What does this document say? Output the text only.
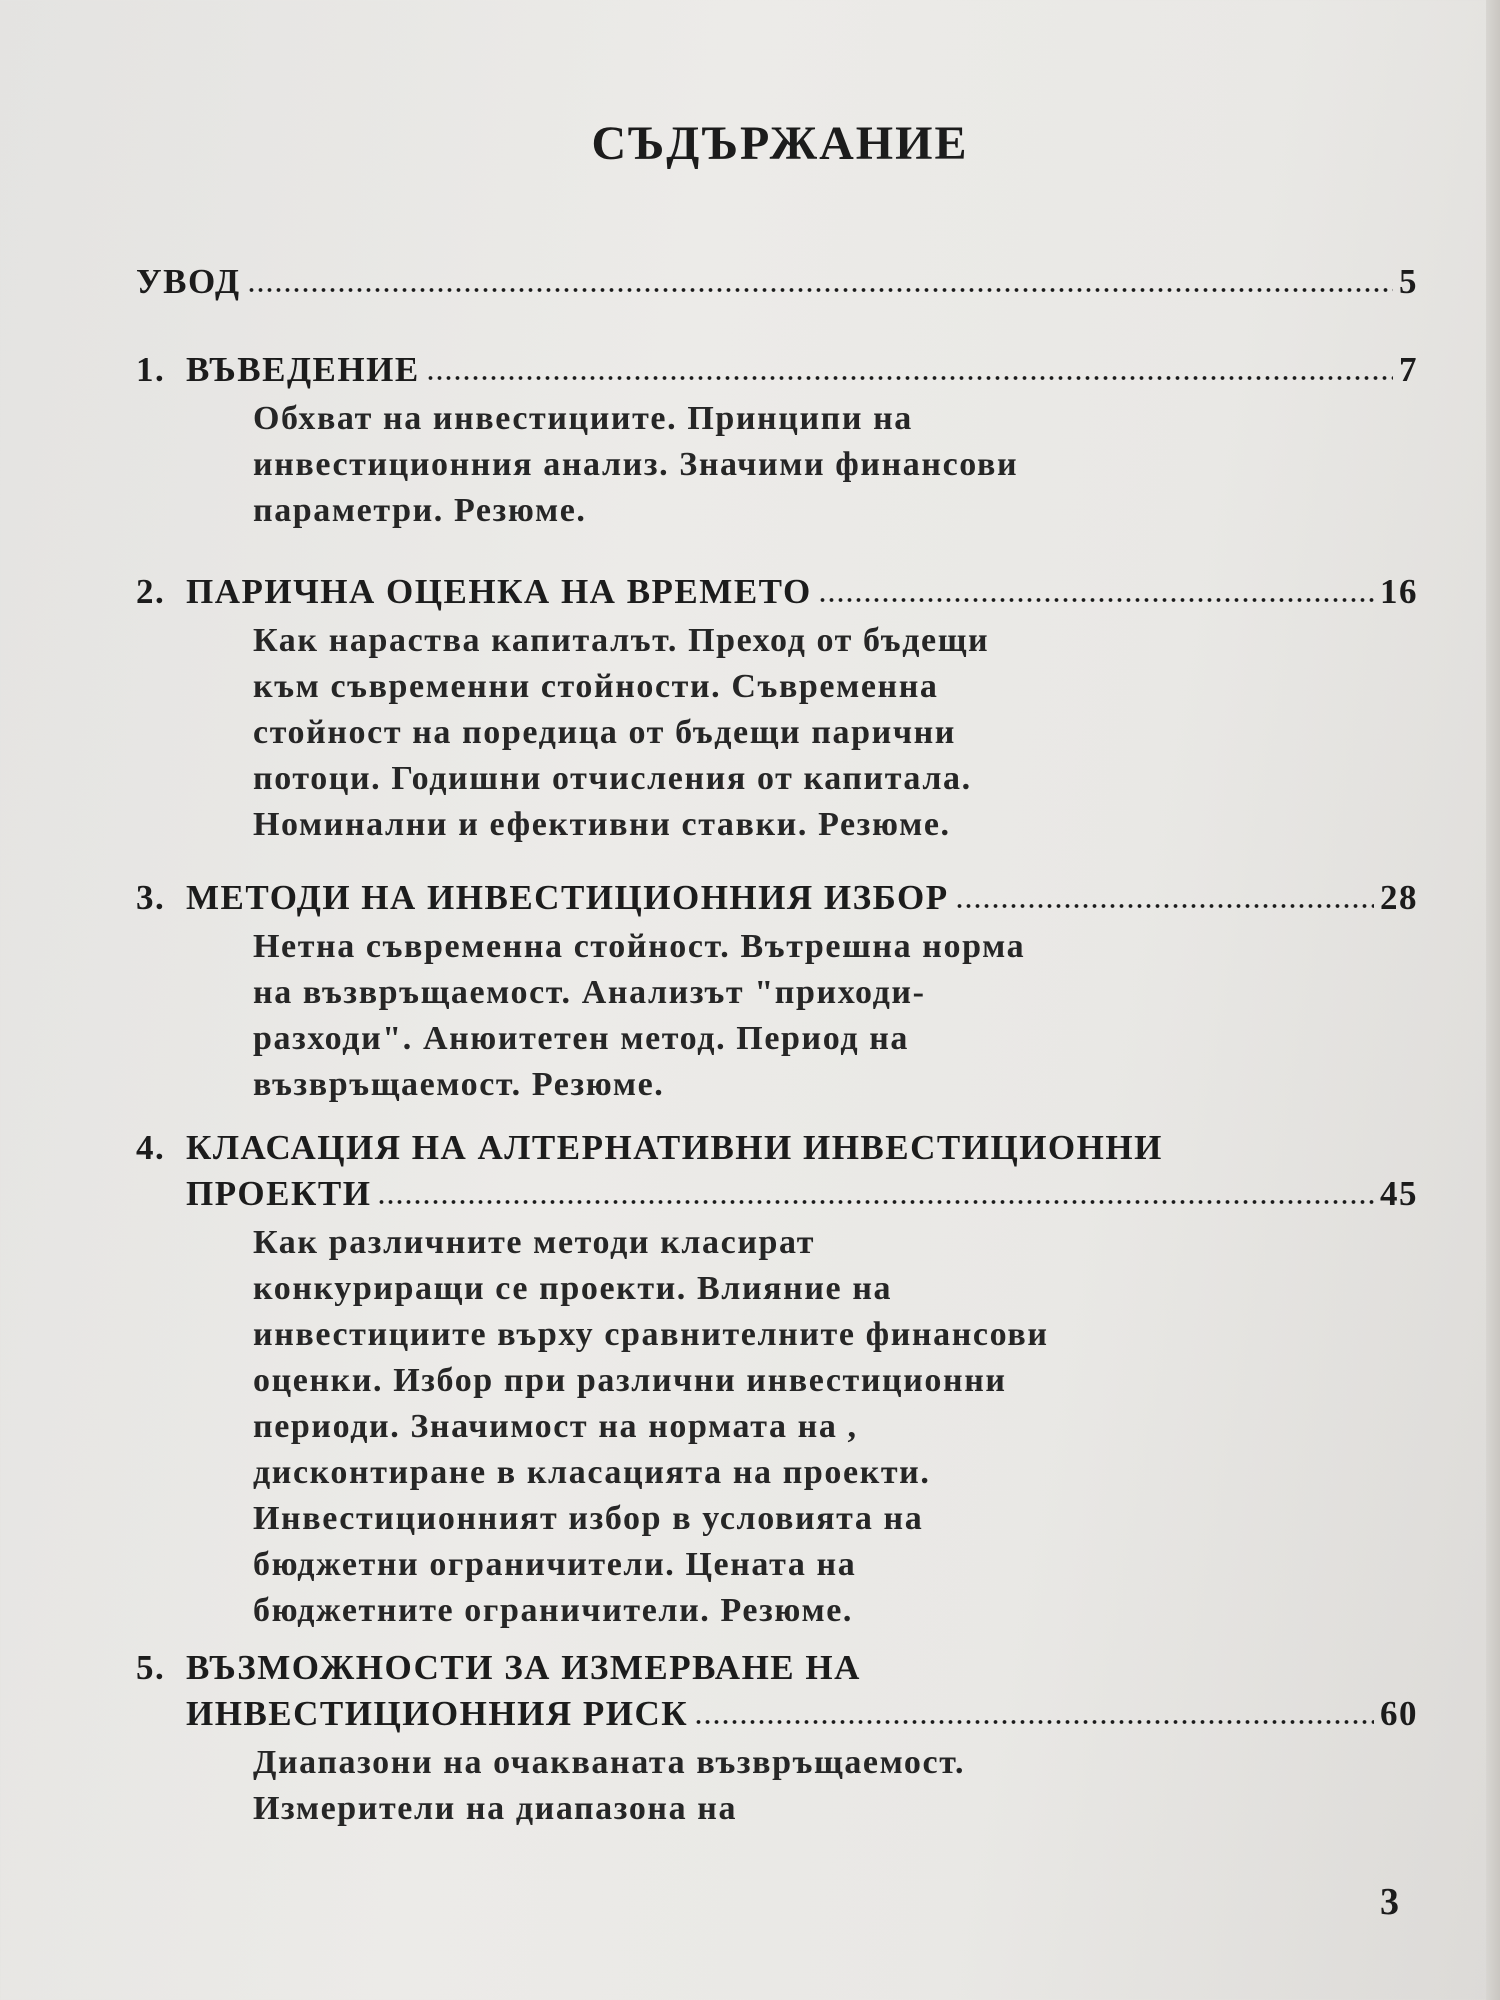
СЪДЪРЖАНИЕ
УВОД	5
1. ВЪВЕДЕНИЕ	7
Обхват на инвестициите. Принципи на
инвестиционния анализ. Значими финансови
параметри. Резюме.
2. ПАРИЧНА ОЦЕНКА НА ВРЕМЕТО	16
Как нараства капиталът. Преход от бъдещи
към съвременни стойности. Съвременна
стойност на поредица от бъдещи парични
потоци. Годишни отчисления от капитала.
Номинални и ефективни ставки. Резюме.
3. МЕТОДИ НА ИНВЕСТИЦИОННИЯ ИЗБОР	28
Нетна съвременна стойност. Вътрешна норма
на възвръщаемост. Анализът "приходи-
разходи". Анюитетен метод. Период на
възвръщаемост. Резюме.
4. КЛАСАЦИЯ НА АЛТЕРНАТИВНИ ИНВЕСТИЦИОННИ
ПРОЕКТИ	45
Как различните методи класират
конкуриращи се проекти. Влияние на
инвестициите върху сравнителните финансови
оценки. Избор при различни инвестиционни
периоди. Значимост на нормата на ,
дисконтиране в класацията на проекти.
Инвестиционният избор в условията на
бюджетни ограничители. Цената на
бюджетните ограничители. Резюме.
5. ВЪЗМОЖНОСТИ ЗА ИЗМЕРВАНЕ НА
ИНВЕСТИЦИОННИЯ РИСК	60
Диапазони на очакваната възвръщаемост.
Измерители на диапазона на
3
